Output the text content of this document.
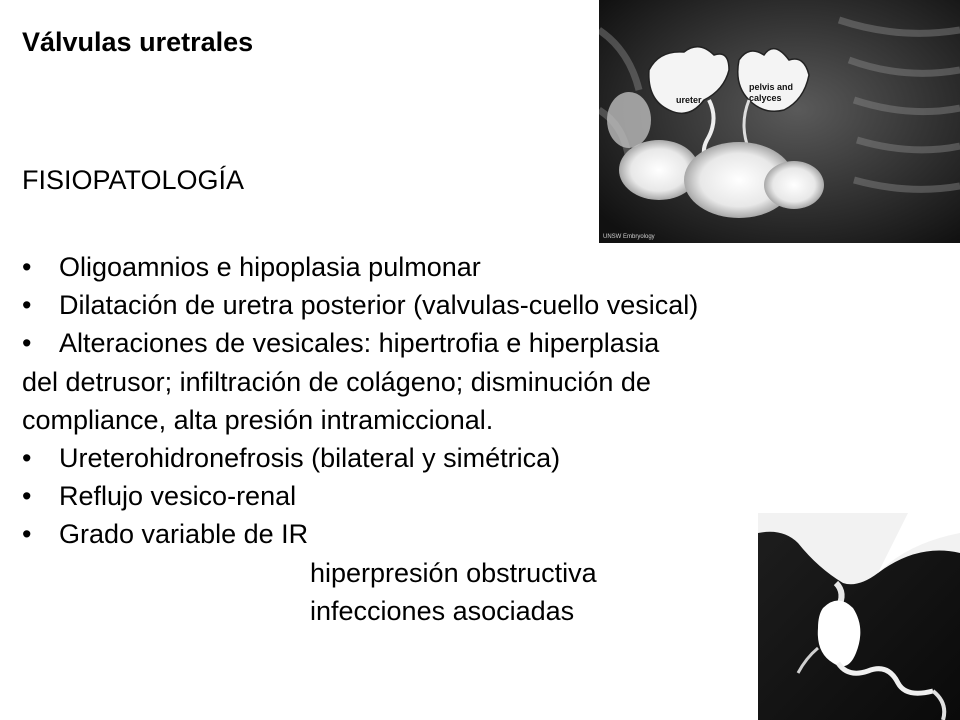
Válvulas uretrales
FISIOPATOLOGÍA
• Oligoamnios e hipoplasia pulmonar
• Dilatación de uretra posterior (valvulas-cuello vesical)
• Alteraciones de vesicales: hipertrofia e hiperplasia
del detrusor; infiltración de colágeno; disminución de
compliance, alta presión intramiccional.
• Ureterohidronefrosis (bilateral y simétrica)
• Reflujo vesico-renal
• Grado variable de IR
hiperpresión obstructiva
infecciones asociadas
ureter
pelvis and
calyces
UNSW Embryology
